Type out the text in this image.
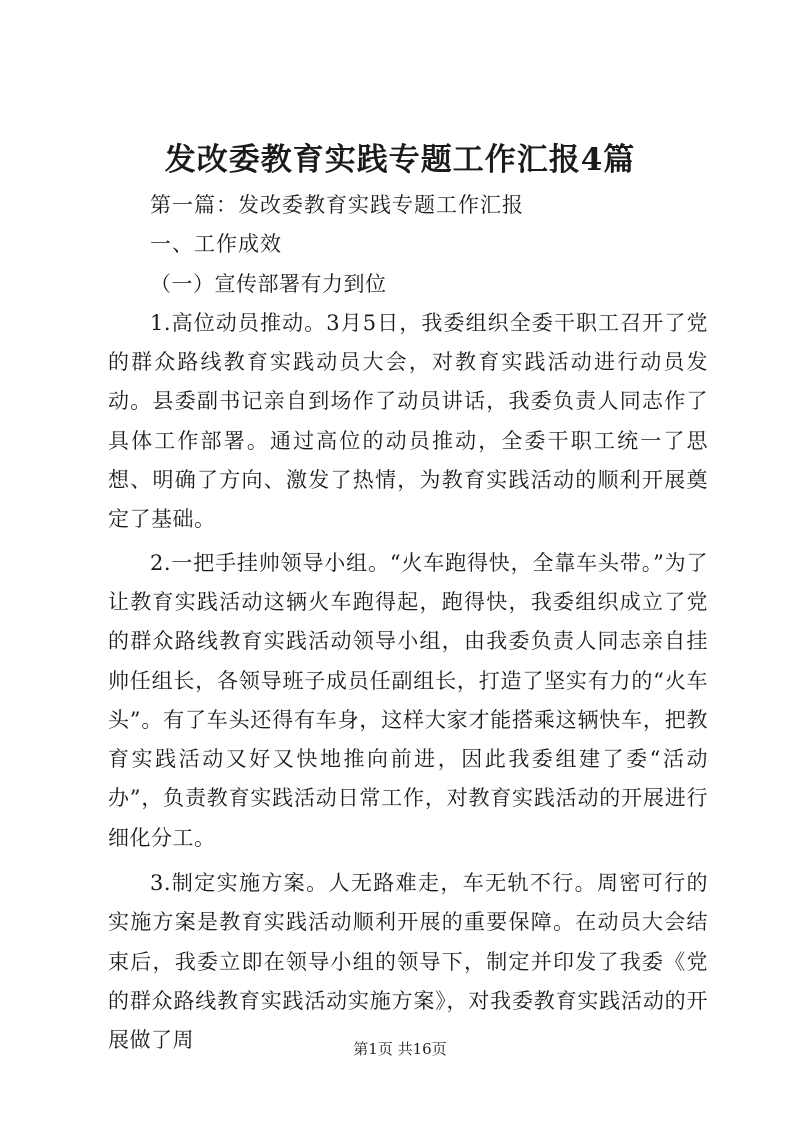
发改委教育实践专题工作汇报4篇

第一篇：发改委教育实践专题工作汇报

一、工作成效

（一）宣传部署有力到位

1.高位动员推动。3月5日，我委组织全委干职工召开了党的群众路线教育实践动员大会，对教育实践活动进行动员发动。县委副书记亲自到场作了动员讲话，我委负责人同志作了具体工作部署。通过高位的动员推动，全委干职工统一了思想、明确了方向、激发了热情，为教育实践活动的顺利开展奠定了基础。

2.一把手挂帅领导小组。“火车跑得快，全靠车头带。”为了让教育实践活动这辆火车跑得起，跑得快，我委组织成立了党的群众路线教育实践活动领导小组，由我委负责人同志亲自挂帅任组长，各领导班子成员任副组长，打造了坚实有力的“火车头”。有了车头还得有车身，这样大家才能搭乘这辆快车，把教育实践活动又好又快地推向前进，因此我委组建了委“活动办”，负责教育实践活动日常工作，对教育实践活动的开展进行细化分工。

3.制定实施方案。人无路难走，车无轨不行。周密可行的实施方案是教育实践活动顺利开展的重要保障。在动员大会结束后，我委立即在领导小组的领导下，制定并印发了我委《党的群众路线教育实践活动实施方案》，对我委教育实践活动的开展做了周	第1页 共16页
